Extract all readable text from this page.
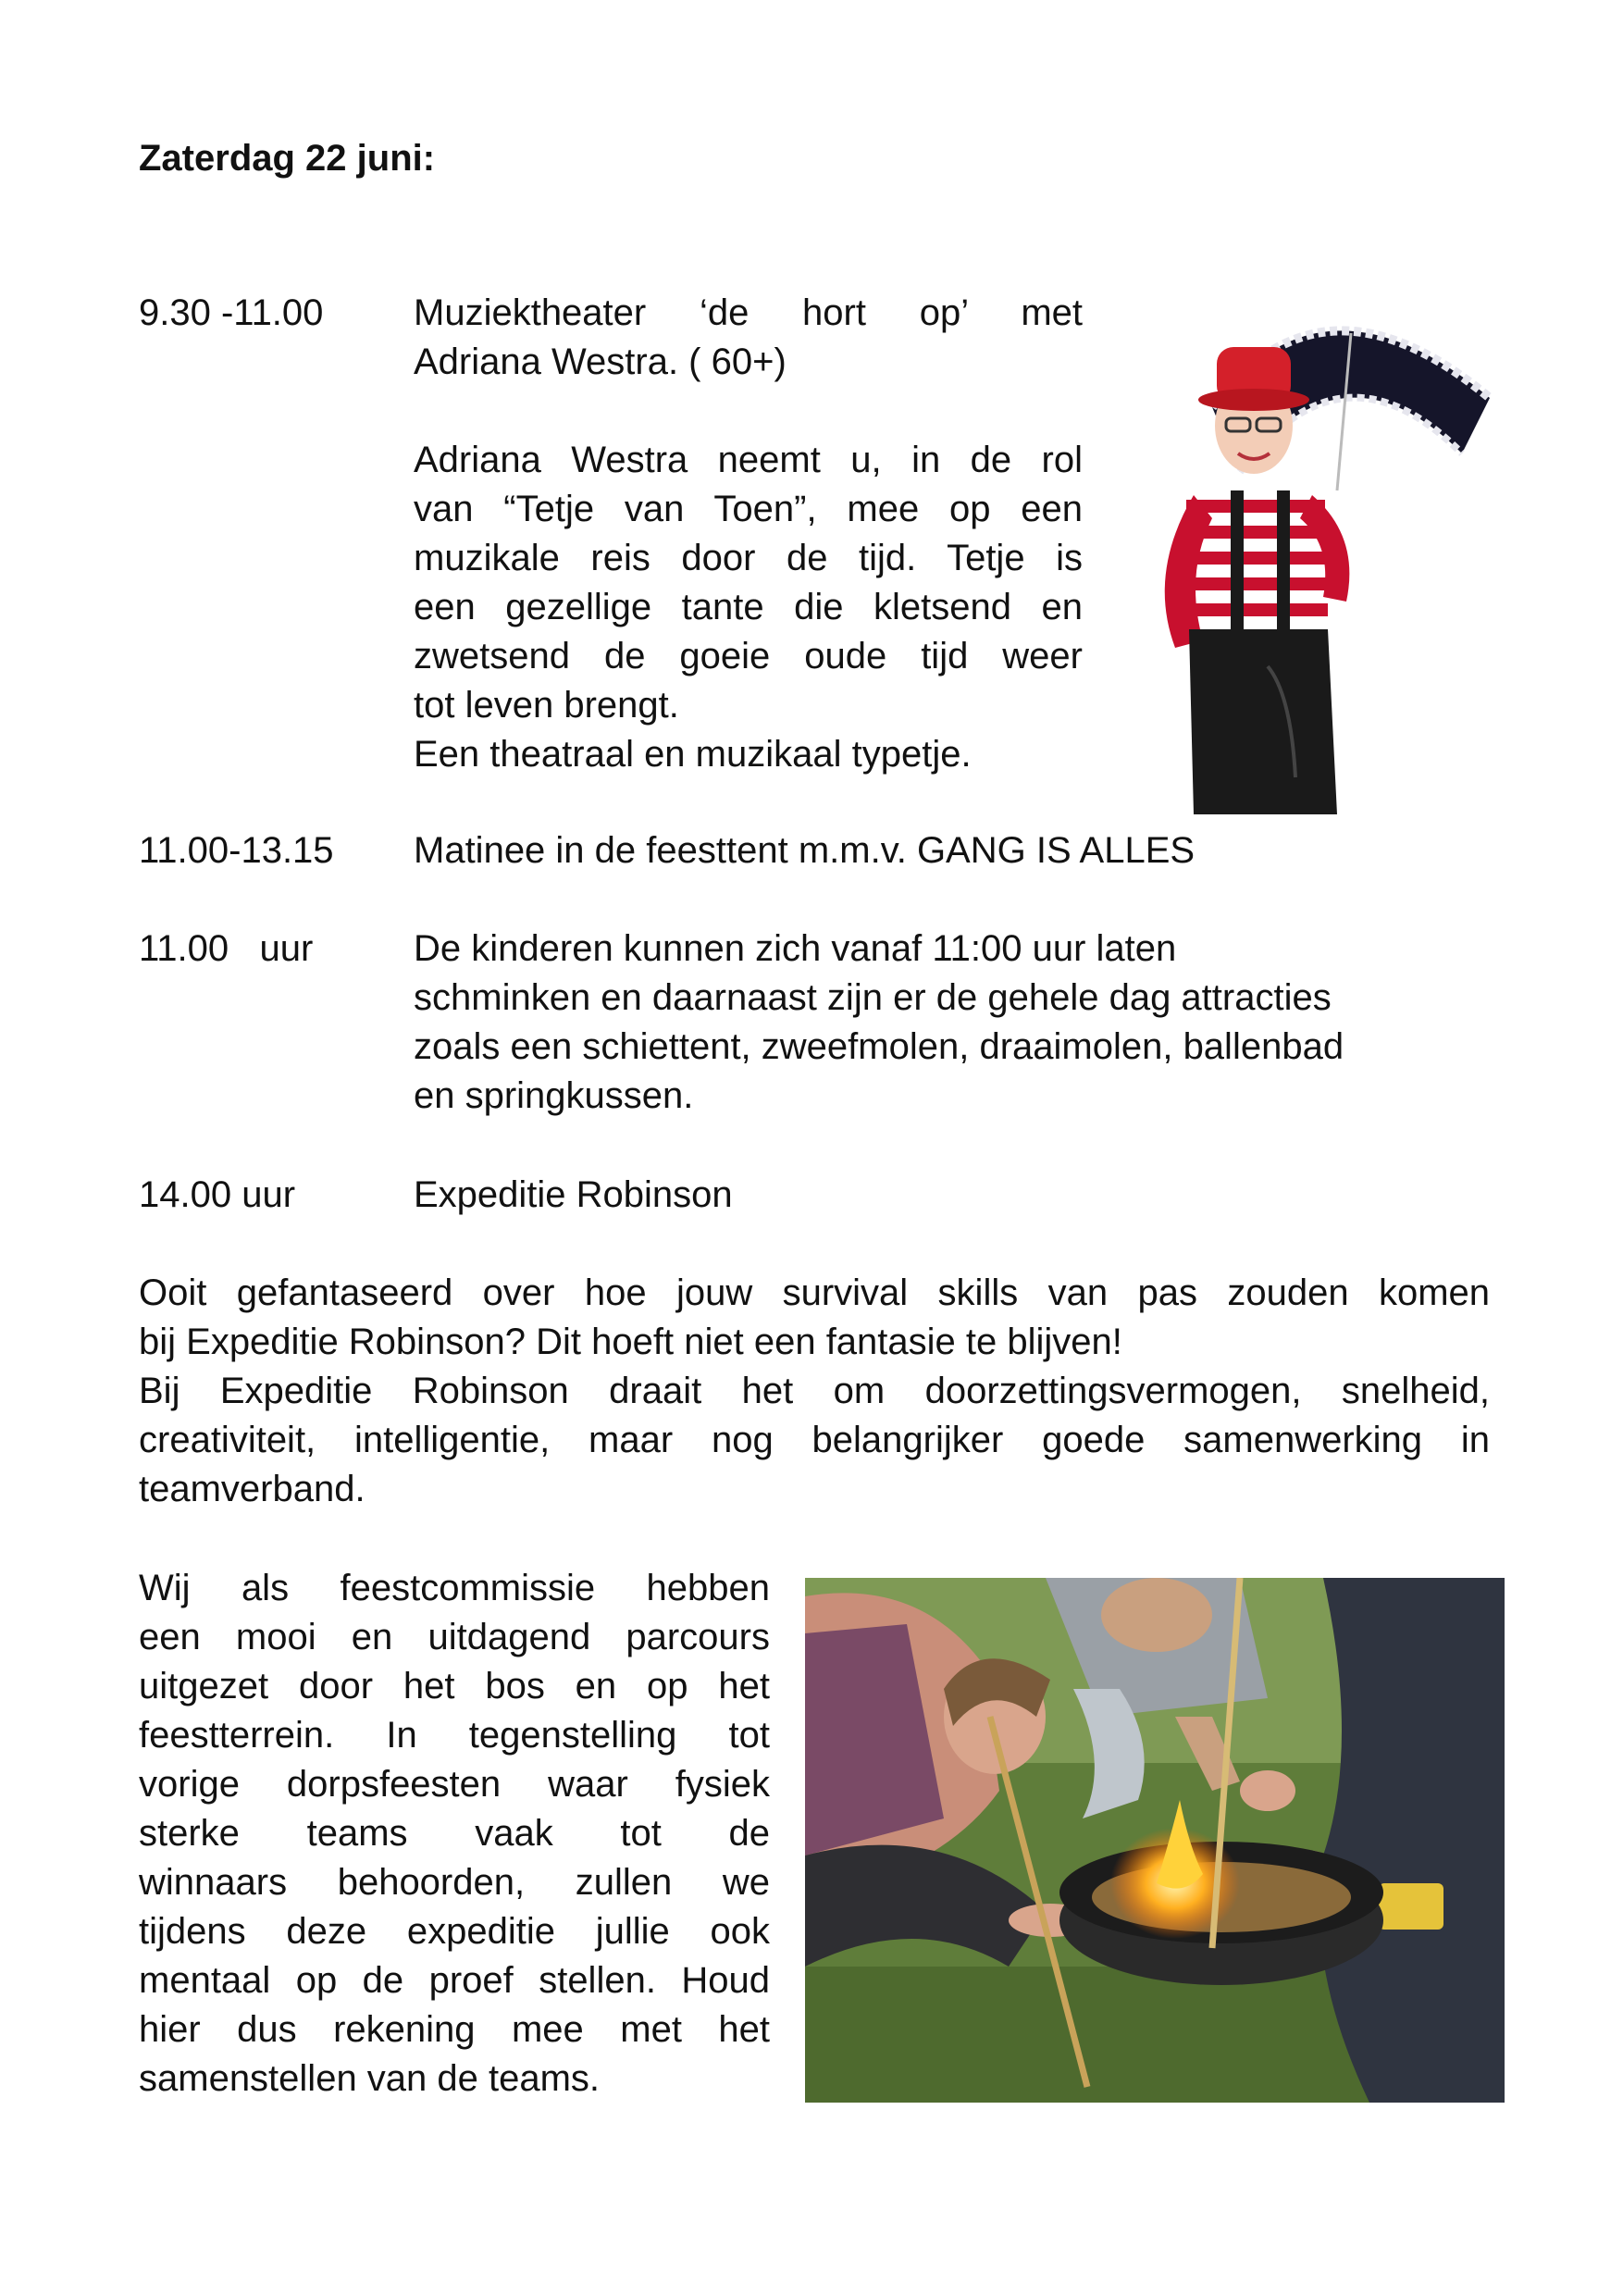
Zaterdag 22 juni:
9.30 -11.00 Muziektheater ‘de hort op’ met
Adriana Westra. ( 60+)
Adriana Westra neemt u, in de rol
van “Tetje van Toen”, mee op een
muzikale reis door de tijd. Tetje is
een gezellige tante die kletsend en
zwetsend de goeie oude tijd weer
tot leven brengt.
Een theatraal en muzikaal typetje.
11.00-13.15 Matinee in de feesttent m.m.v. GANG IS ALLES
11.00   uur	De kinderen kunnen zich vanaf 11:00 uur laten
schminken en daarnaast zijn er de gehele dag attracties
zoals een schiettent, zweefmolen, draaimolen, ballenbad
en springkussen.
14.00 uur	Expeditie Robinson
Ooit gefantaseerd over hoe jouw survival skills van pas zouden komen
bij Expeditie Robinson? Dit hoeft niet een fantasie te blijven!
Bij Expeditie Robinson draait het om doorzettingsvermogen, snelheid,
creativiteit, intelligentie, maar nog belangrijker goede samenwerking in
teamverband.
Wij als feestcommissie hebben
een mooi en uitdagend parcours
uitgezet door het bos en op het
feestterrein. In tegenstelling tot
vorige dorpsfeesten waar fysiek
sterke teams vaak tot de
winnaars behoorden, zullen we
tijdens deze expeditie jullie ook
mentaal op de proef stellen. Houd
hier dus rekening mee met het
samenstellen van de teams.
